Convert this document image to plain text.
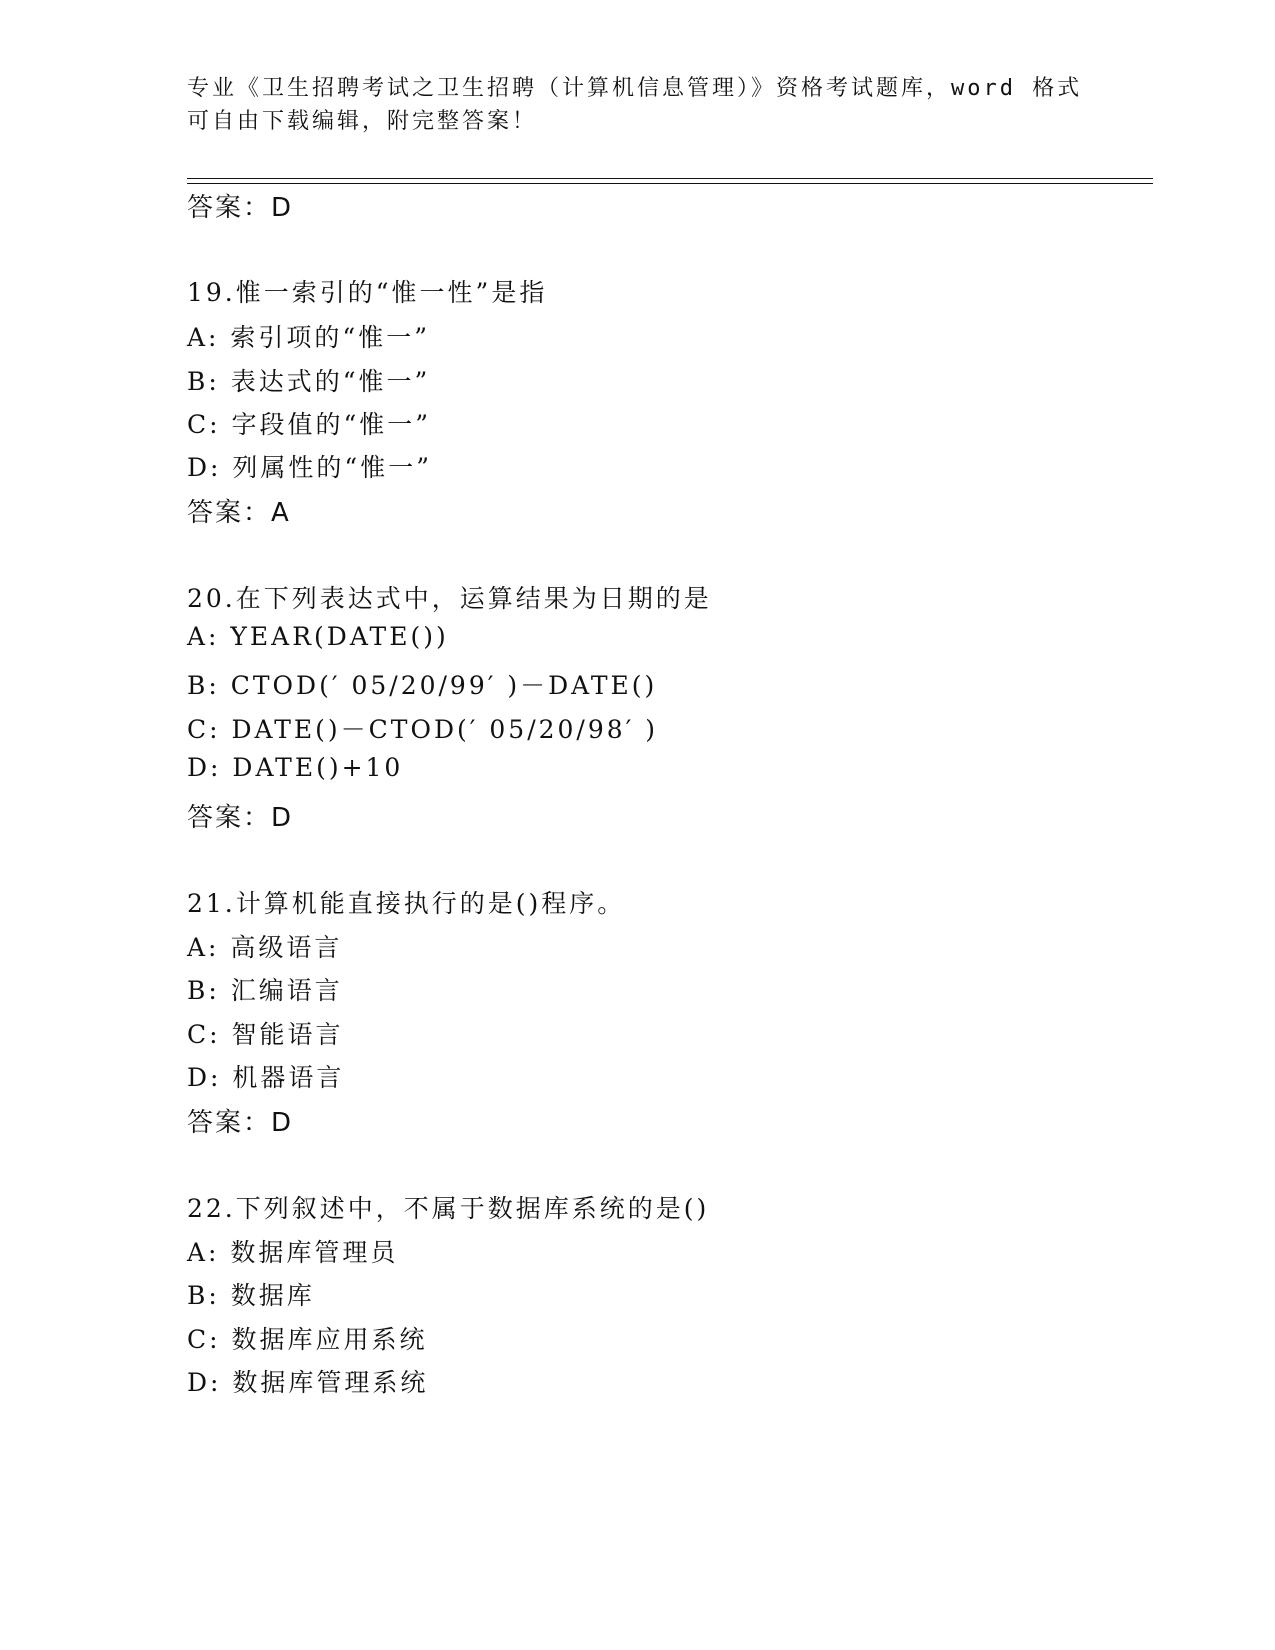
专业《卫生招聘考试之卫生招聘（计算机信息管理）》资格考试题库，word 格式
可自由下载编辑，附完整答案！
答案：D
19.惟一索引的“惟一性”是指
A: 索引项的“惟一”
B: 表达式的“惟一”
C: 字段值的“惟一”
D: 列属性的“惟一”
答案：A
20.在下列表达式中，运算结果为日期的是
A: YEAR(DATE())
B: CTOD(′ 05/20/99′ )－DATE()
C: DATE()－CTOD(′ 05/20/98′ )
D: DATE()+10
答案：D
21.计算机能直接执行的是()程序。
A: 高级语言
B: 汇编语言
C: 智能语言
D: 机器语言
答案：D
22.下列叙述中，不属于数据库系统的是()
A: 数据库管理员
B: 数据库
C: 数据库应用系统
D: 数据库管理系统
